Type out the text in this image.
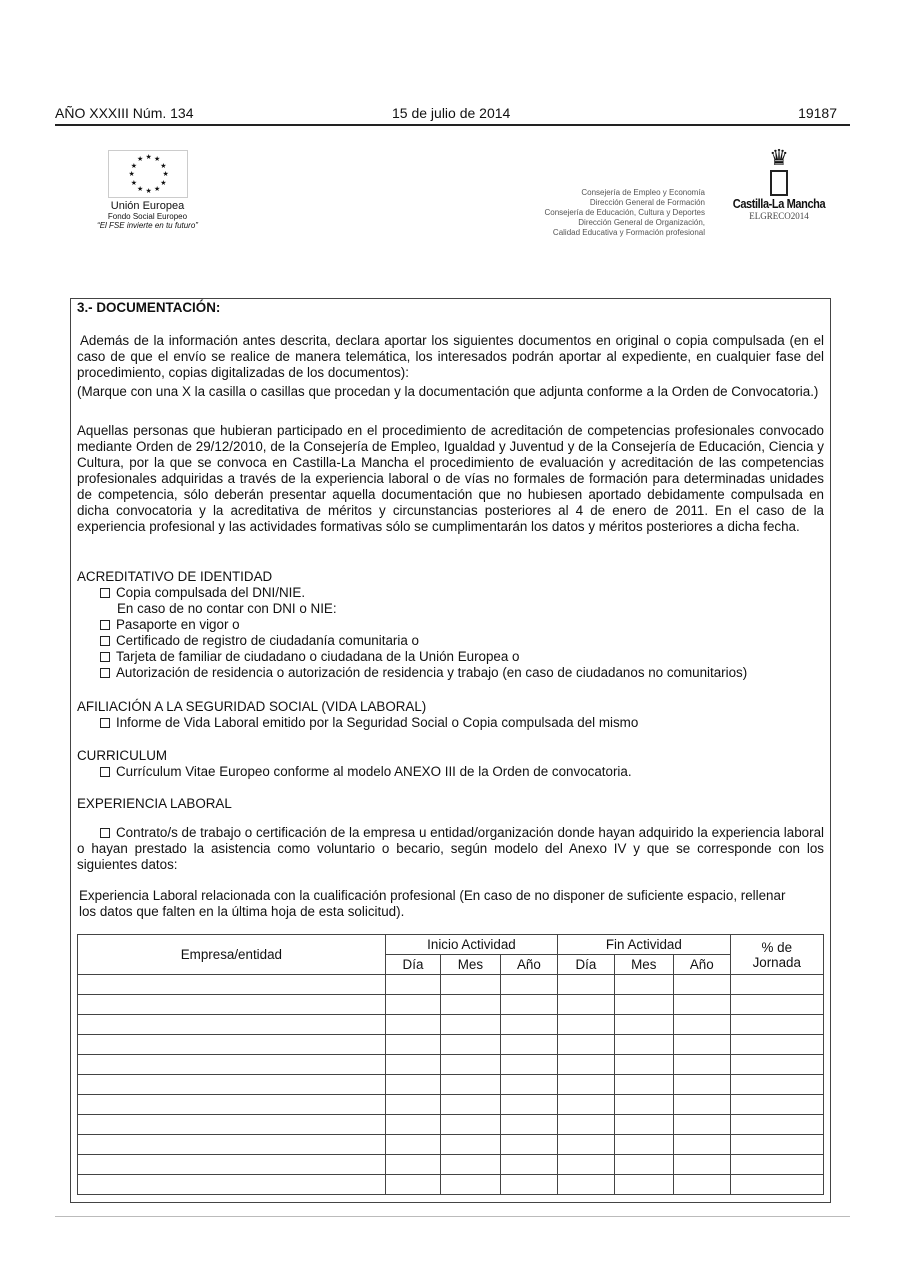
AÑO XXXIII Núm. 134	15 de julio de 2014	19187
★ ★
★
★
★
★
★
★
★
★
★
★
Unión Europea
Fondo Social Europeo
“El FSE invierte en tu futuro”
Consejería de Empleo y Economía
Dirección General de Formación
Consejería de Educación, Cultura y Deportes
Dirección General de Organización,
Calidad Educativa y Formación profesional
♛
Castilla-La Mancha
ELGRECO2014
3.- DOCUMENTACIÓN:
Además de la información antes descrita, declara aportar los siguientes documentos en original o copia compulsada (en el caso de que el envío se realice de manera telemática, los interesados podrán aportar al expediente, en cualquier fase del procedimiento, copias digitalizadas de los documentos):
(Marque con una X la casilla o casillas que procedan y la documentación que adjunta conforme a la Orden de Convocatoria.)
Aquellas personas que hubieran participado en el procedimiento de acreditación de competencias profesionales convocado mediante Orden de 29/12/2010, de la Consejería de Empleo, Igualdad y Juventud y de la Consejería de Educación, Ciencia y Cultura, por la que se convoca en Castilla-La Mancha el procedimiento de evaluación y acreditación de las competencias profesionales adquiridas a través de la experiencia laboral o de vías no formales de formación para determinadas unidades de competencia, sólo deberán presentar aquella documentación que no hubiesen aportado debidamente compulsada en dicha convocatoria y la acreditativa de méritos y circunstancias posteriores al 4 de enero de 2011. En el caso de la experiencia profesional y las actividades formativas sólo se cumplimentarán los datos y méritos posteriores a dicha fecha.
ACREDITATIVO DE IDENTIDAD
Copia compulsada del DNI/NIE.
En caso de no contar con DNI o NIE:
Pasaporte en vigor o
Certificado de registro de ciudadanía comunitaria o
Tarjeta de familiar de ciudadano o ciudadana de la Unión Europea o
Autorización de residencia o autorización de residencia y trabajo (en caso de ciudadanos no comunitarios)
AFILIACIÓN A LA SEGURIDAD SOCIAL (VIDA LABORAL)
Informe de Vida Laboral emitido por la Seguridad Social o Copia compulsada del mismo
CURRICULUM
Currículum Vitae Europeo conforme al modelo ANEXO III de la Orden de convocatoria.
EXPERIENCIA LABORAL
Contrato/s de trabajo o certificación de la empresa u entidad/organización donde hayan adquirido la experiencia laboral o hayan prestado la asistencia como voluntario o becario, según modelo del Anexo IV y que se corresponde con los siguientes datos:
Experiencia Laboral relacionada con la cualificación profesional (En caso de no disponer de suficiente espacio, rellenar los datos que falten en la última hoja de esta solicitud).
Empresa/entidad	Inicio Actividad			Fin Actividad			% de Jornada
	Día	Mes	Año	Día	Mes	Año	
